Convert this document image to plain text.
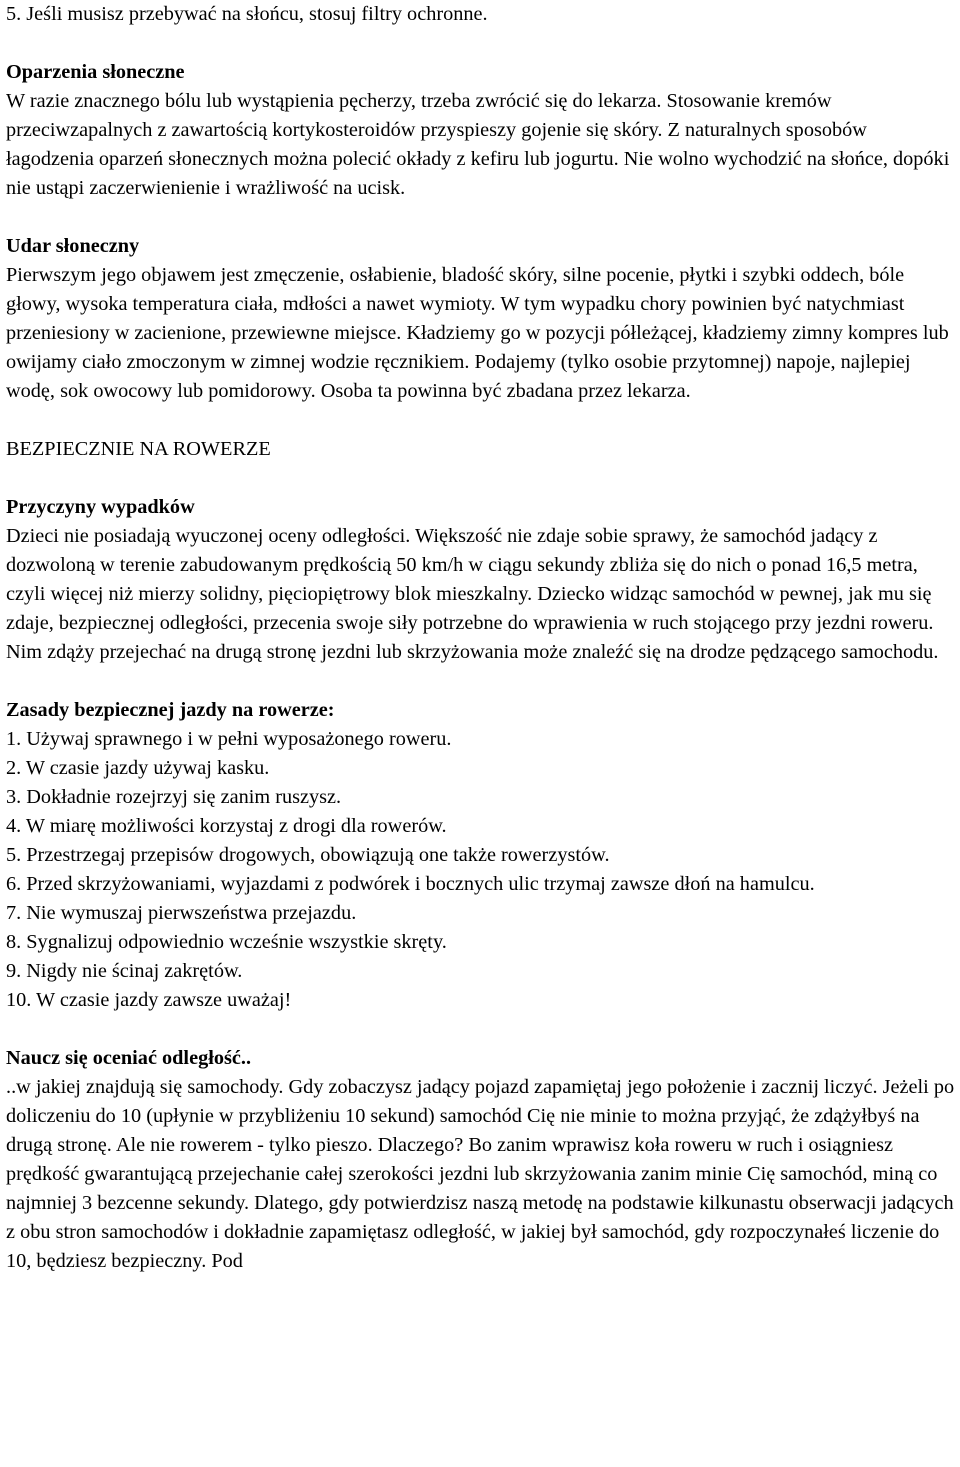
5. Jeśli musisz przebywać na słońcu, stosuj filtry ochronne.

Oparzenia słoneczne

W razie znacznego bólu lub wystąpienia pęcherzy, trzeba zwrócić się do lekarza. Stosowanie kremów przeciwzapalnych z zawartością kortykosteroidów przyspieszy gojenie się skóry. Z naturalnych sposobów łagodzenia oparzeń słonecznych można polecić okłady z kefiru lub jogurtu. Nie wolno wychodzić na słońce, dopóki nie ustąpi zaczerwienienie i wrażliwość na ucisk.

Udar słoneczny

Pierwszym jego objawem jest zmęczenie, osłabienie, bladość skóry, silne pocenie, płytki i szybki oddech, bóle głowy, wysoka temperatura ciała, mdłości a nawet wymioty. W tym wypadku chory powinien być natychmiast przeniesiony w zacienione, przewiewne miejsce. Kładziemy go w pozycji półleżącej, kładziemy zimny kompres lub owijamy ciało zmoczonym w zimnej wodzie ręcznikiem. Podajemy (tylko osobie przytomnej) napoje, najlepiej wodę, sok owocowy lub pomidorowy. Osoba ta powinna być zbadana przez lekarza.

BEZPIECZNIE NA ROWERZE

Przyczyny wypadków

Dzieci nie posiadają wyuczonej oceny odległości. Większość nie zdaje sobie sprawy, że samochód jadący z dozwoloną w terenie zabudowanym prędkością 50 km/h w ciągu sekundy zbliża się do nich o ponad 16,5 metra, czyli więcej niż mierzy solidny, pięciopiętrowy blok mieszkalny. Dziecko widząc samochód w pewnej, jak mu się zdaje, bezpiecznej odległości, przecenia swoje siły potrzebne do wprawienia w ruch stojącego przy jezdni roweru. Nim zdąży przejechać na drugą stronę jezdni lub skrzyżowania może znaleźć się na drodze pędzącego samochodu.

Zasady bezpiecznej jazdy na rowerze:

1. Używaj sprawnego i w pełni wyposażonego roweru.

2. W czasie jazdy używaj kasku.

3. Dokładnie rozejrzyj się zanim ruszysz.

4. W miarę możliwości korzystaj z drogi dla rowerów.

5. Przestrzegaj przepisów drogowych, obowiązują one także rowerzystów.

6. Przed skrzyżowaniami, wyjazdami z podwórek i bocznych ulic trzymaj zawsze dłoń na hamulcu.

7. Nie wymuszaj pierwszeństwa przejazdu.

8. Sygnalizuj odpowiednio wcześnie wszystkie skręty.

9. Nigdy nie ścinaj zakrętów.

10. W czasie jazdy zawsze uważaj!

Naucz się oceniać odległość..

..w jakiej znajdują się samochody. Gdy zobaczysz jadący pojazd zapamiętaj jego położenie i zacznij liczyć. Jeżeli po doliczeniu do 10 (upłynie w przybliżeniu 10 sekund) samochód Cię nie minie to można przyjąć, że zdążyłbyś na drugą stronę. Ale nie rowerem - tylko pieszo. Dlaczego? Bo zanim wprawisz koła roweru w ruch i osiągniesz prędkość gwarantującą przejechanie całej szerokości jezdni lub skrzyżowania zanim minie Cię samochód, miną co najmniej 3 bezcenne sekundy. Dlatego, gdy potwierdzisz naszą metodę na podstawie kilkunastu obserwacji jadących z obu stron samochodów i dokładnie zapamiętasz odległość, w jakiej był samochód, gdy rozpoczynałeś liczenie do 10, będziesz bezpieczny. Pod
